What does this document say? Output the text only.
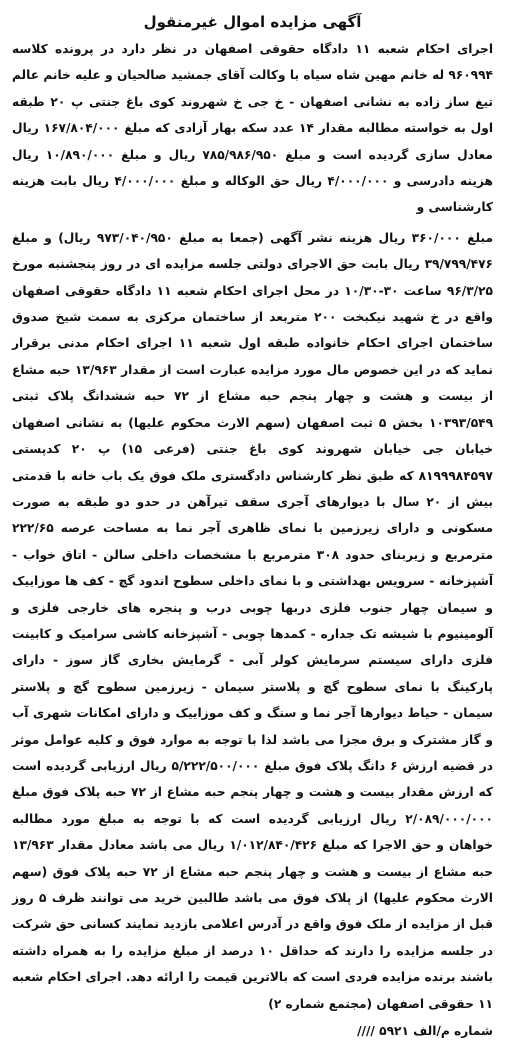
آگهی مزایده اموال غیرمنقول

اجرای احکام شعبه ۱۱ دادگاه حقوقی اصفهان در نظر دارد در پرونده کلاسه ۹۶۰۹۹۴ له خانم مهین شاه سیاه با وکالت آقای جمشید صالحیان و علیه خانم عالم تیغ ساز زاده به نشانی اصفهان - خ جی خ شهروند کوی باغ جنتی پ ۲۰ طبقه اول به خواسته مطالبه مقدار ۱۴ عدد سکه بهار آزادی که مبلغ ۱۶۷/۸۰۴/۰۰۰ ریال معادل سازی گردیده است و مبلغ ۷۸۵/۹۸۶/۹۵۰ ریال و مبلغ ۱۰/۸۹۰/۰۰۰ ریال هزینه دادرسی و ۴/۰۰۰/۰۰۰ ریال حق الوکاله و مبلغ ۴/۰۰۰/۰۰۰ ریال بابت هزینه کارشناسی و

مبلغ ۳۶۰/۰۰۰ ریال هزینه نشر آگهی (جمعا به مبلغ ۹۷۳/۰۴۰/۹۵۰ ریال) و مبلغ ۳۹/۷۹۹/۴۷۶ ریال بابت حق الاجرای دولتی جلسه مزایده ای در روز پنجشنبه مورخ ۹۶/۳/۲۵ ساعت ۳۰-۱۰/۳۰ در محل اجرای احکام شعبه ۱۱ دادگاه حقوقی اصفهان واقع در خ شهید نیکبخت ۲۰۰ متربعد از ساختمان مرکزی به سمت شیخ صدوق ساختمان اجرای احکام خانواده طبقه اول شعبه ۱۱ اجرای احکام مدنی برقرار نماید که در این خصوص مال مورد مزایده عبارت است از مقدار ۱۳/۹۶۳ حبه مشاع از بیست و هشت و چهار پنجم حبه مشاع از ۷۲ حبه ششدانگ پلاک ثبتی ۱۰۳۹۳/۵۴۹ بخش ۵ ثبت اصفهان (سهم الارث محکوم علیها) به نشانی اصفهان خیابان جی خیابان شهروند کوی باغ جنتی (فرعی ۱۵) پ ۲۰ کدپستی ۸۱۹۹۹۸۴۵۹۷ که طبق نظر کارشناس دادگستری ملک فوق یک باب خانه با قدمتی بیش از ۲۰ سال با دیوارهای آجری سقف تیرآهن در حدو دو طبقه به صورت مسکونی و دارای زیرزمین با نمای ظاهری آجر نما به مساحت عرصه ۲۲۲/۶۵ مترمربع و زیربنای حدود ۳۰۸ مترمربع با مشخصات داخلی سالن - اتاق خواب - آشپزخانه - سرویس بهداشتی و با نمای داخلی سطوح اندود گچ - کف ها موزاییک و سیمان چهار جنوب فلزی دربها چوبی درب و پنجره های خارجی فلزی و آلومینیوم با شیشه تک جداره - کمدها چوبی - آشپزخانه کاشی سرامیک و کابینت فلزی دارای سیستم سرمایش کولر آبی - گرمایش بخاری گاز سوز - دارای پارکینگ با نمای سطوح گچ و پلاستر سیمان - زیرزمین سطوح گچ و پلاستر سیمان - حیاط دیوارها آجر نما و سنگ و کف موزاییک و دارای امکانات شهری آب و گاز مشترک و برق مجزا می باشد لذا با توجه به موارد فوق و کلیه عوامل موثر در قضیه ارزش ۶ دانگ پلاک فوق مبلغ ۵/۲۲۲/۵۰۰/۰۰۰ ریال ارزیابی گردیده است که ارزش مقدار بیست و هشت و چهار پنجم حبه مشاع از ۷۲ حبه پلاک فوق مبلغ ۲/۰۸۹/۰۰۰/۰۰۰ ریال ارزیابی گردیده است که با توجه به مبلغ مورد مطالبه خواهان و حق الاجرا که مبلغ ۱/۰۱۲/۸۴۰/۴۲۶ ریال می باشد معادل مقدار ۱۳/۹۶۳ حبه مشاع از بیست و هشت و چهار پنجم حبه مشاع از ۷۲ حبه پلاک فوق (سهم الارث محکوم علیها) از پلاک فوق می باشد طالبین خرید می توانند ظرف ۵ روز قبل از مزایده از ملک فوق واقع در آدرس اعلامی بازدید نمایند کسانی حق شرکت در جلسه مزایده را دارند که حداقل ۱۰ درصد از مبلغ مزایده را به همراه داشته باشند برنده مزایده فردی است که بالاترین قیمت را ارائه دهد. اجرای احکام شعبه ۱۱ حقوقی اصفهان (مجتمع شماره ۲)

شماره م/الف ۵۹۲۱ ////
